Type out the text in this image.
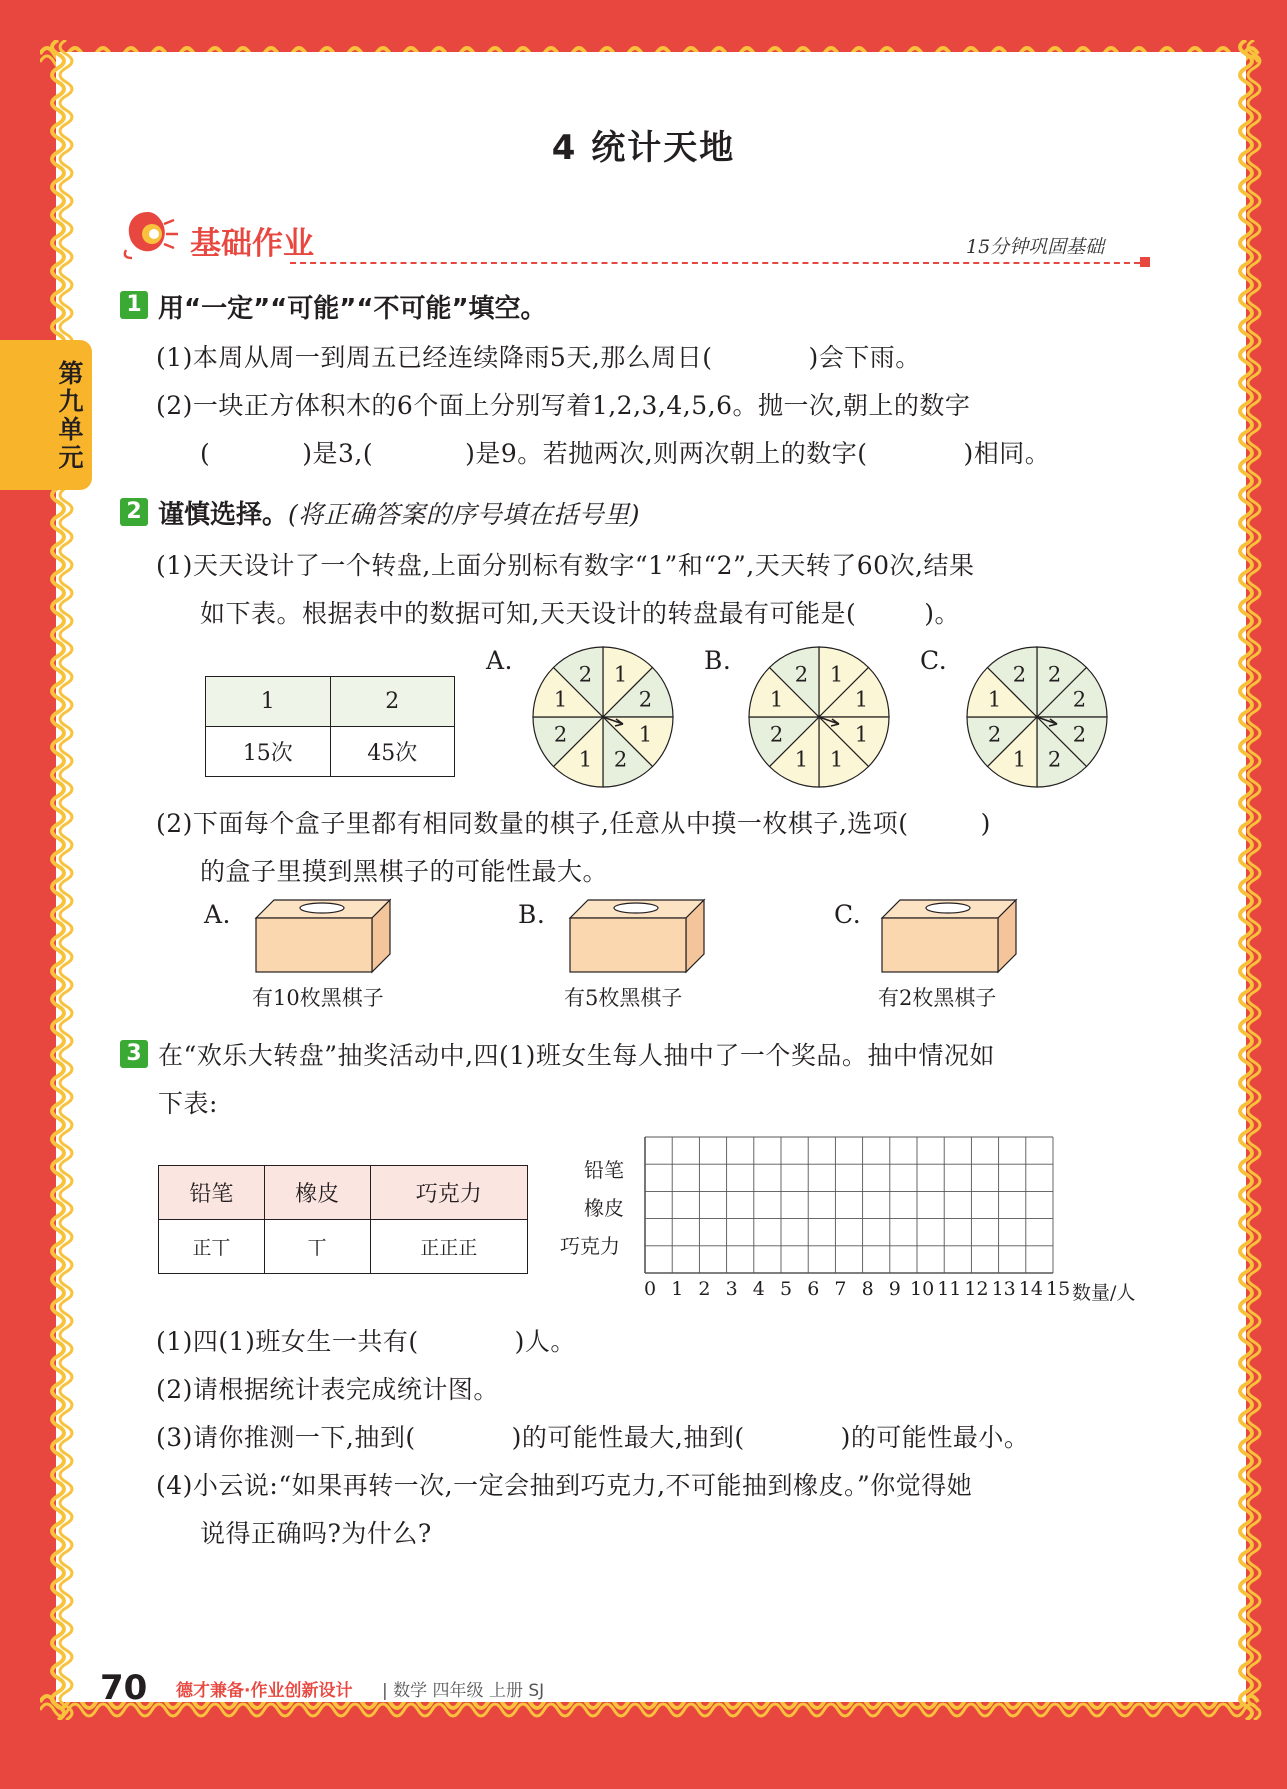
4 统计天地
第九单元
基础作业	15分钟巩固基础
1 用“一定”“可能”“不可能”填空。
(1)本周从周一到周五已经连续降雨5天,那么周日(	)会下雨。
(2)一块正方体积木的6个面上分别写着1,2,3,4,5,6。抛一次,朝上的数字
(	)是3,(	)是9。若抛两次,则两次朝上的数字(	)相同。
2 谨慎选择。(将正确答案的序号填在括号里)
(1)天天设计了一个转盘,上面分别标有数字“1”和“2”,天天转了60次,结果
如下表。根据表中的数据可知,天天设计的转盘最有可能是(	)。
1	2
15次	45次
A.	B.	C.
1
2
1
2
1
2
1
2	1
1
1
1
1
2
1
2	2
2
2
2
1
2
1
2
(2)下面每个盒子里都有相同数量的棋子,任意从中摸一枚棋子,选项(	)
的盒子里摸到黑棋子的可能性最大。
A.
有10枚黑棋子
B.
有5枚黑棋子
C.
有2枚黑棋子
3 在“欢乐大转盘”抽奖活动中,四(1)班女生每人抽中了一个奖品。抽中情况如
下表:
铅笔	橡皮	巧克力
正丅	丅	正正正
铅笔
橡皮
巧克力
0 1 2 3 4 5 6 7 8 9 10 11 12 13 14 15 数量/人
(1)四(1)班女生一共有(	)人。
(2)请根据统计表完成统计图。
(3)请你推测一下,抽到(	)的可能性最大,抽到(	)的可能性最小。
(4)小云说:“如果再转一次,一定会抽到巧克力,不可能抽到橡皮。”你觉得她
说得正确吗?为什么?
70 德才兼备·作业创新设计 | 数学 四年级 上册 SJ
